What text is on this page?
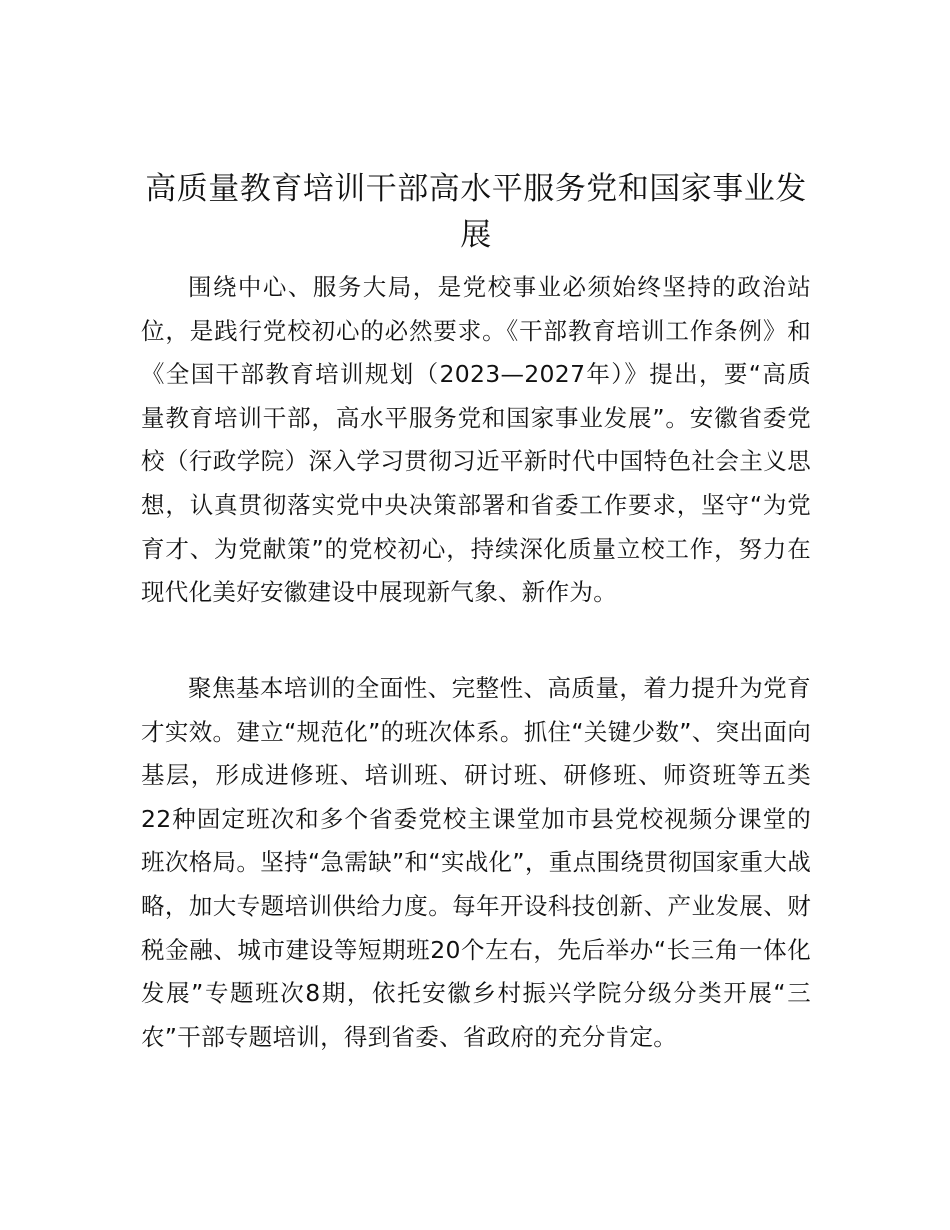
高质量教育培训干部高水平服务党和国家事业发展

围绕中心、服务大局，是党校事业必须始终坚持的政治站位，是践行党校初心的必然要求。《干部教育培训工作条例》和《全国干部教育培训规划（2023—2027年）》提出，要“高质量教育培训干部，高水平服务党和国家事业发展”。安徽省委党校（行政学院）深入学习贯彻习近平新时代中国特色社会主义思想，认真贯彻落实党中央决策部署和省委工作要求，坚守“为党育才、为党献策”的党校初心，持续深化质量立校工作，努力在现代化美好安徽建设中展现新气象、新作为。

聚焦基本培训的全面性、完整性、高质量，着力提升为党育才实效。建立“规范化”的班次体系。抓住“关键少数”、突出面向基层，形成进修班、培训班、研讨班、研修班、师资班等五类22种固定班次和多个省委党校主课堂加市县党校视频分课堂的班次格局。坚持“急需缺”和“实战化”，重点围绕贯彻国家重大战略，加大专题培训供给力度。每年开设科技创新、产业发展、财税金融、城市建设等短期班20个左右，先后举办“长三角一体化发展”专题班次8期，依托安徽乡村振兴学院分级分类开展“三农”干部专题培训，得到省委、省政府的充分肯定。
